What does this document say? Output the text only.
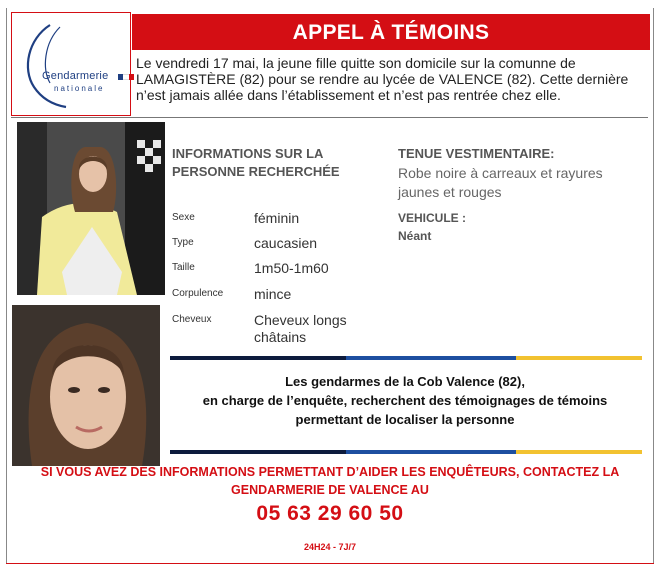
Gendarmerie
nationale
APPEL À TÉMOINS
Le vendredi 17 mai, la jeune fille quitte son domicile sur la comunne de LAMAGISTÈRE (82) pour se rendre au lycée de VALENCE (82). Cette dernière n’est jamais allée dans l’établissement et n’est pas rentrée chez elle.
INFORMATIONS SUR LA PERSONNE RECHERCHÉE
Sexe	féminin
Type	caucasien
Taille	1m50-1m60
Corpulence mince
Cheveux	Cheveux longs châtains
TENUE VESTIMENTAIRE:
Robe noire à carreaux et rayures jaunes et rouges
VEHICULE :
Néant
Les gendarmes de la Cob Valence (82),
en charge de l’enquête, recherchent des témoignages de témoins
permettant de localiser la personne
SI VOUS AVEZ DES INFORMATIONS PERMETTANT D’AIDER LES ENQUÊTEURS, CONTACTEZ LA
GENDARMERIE DE VALENCE AU
05 63 29 60 50
24H24 - 7J/7
